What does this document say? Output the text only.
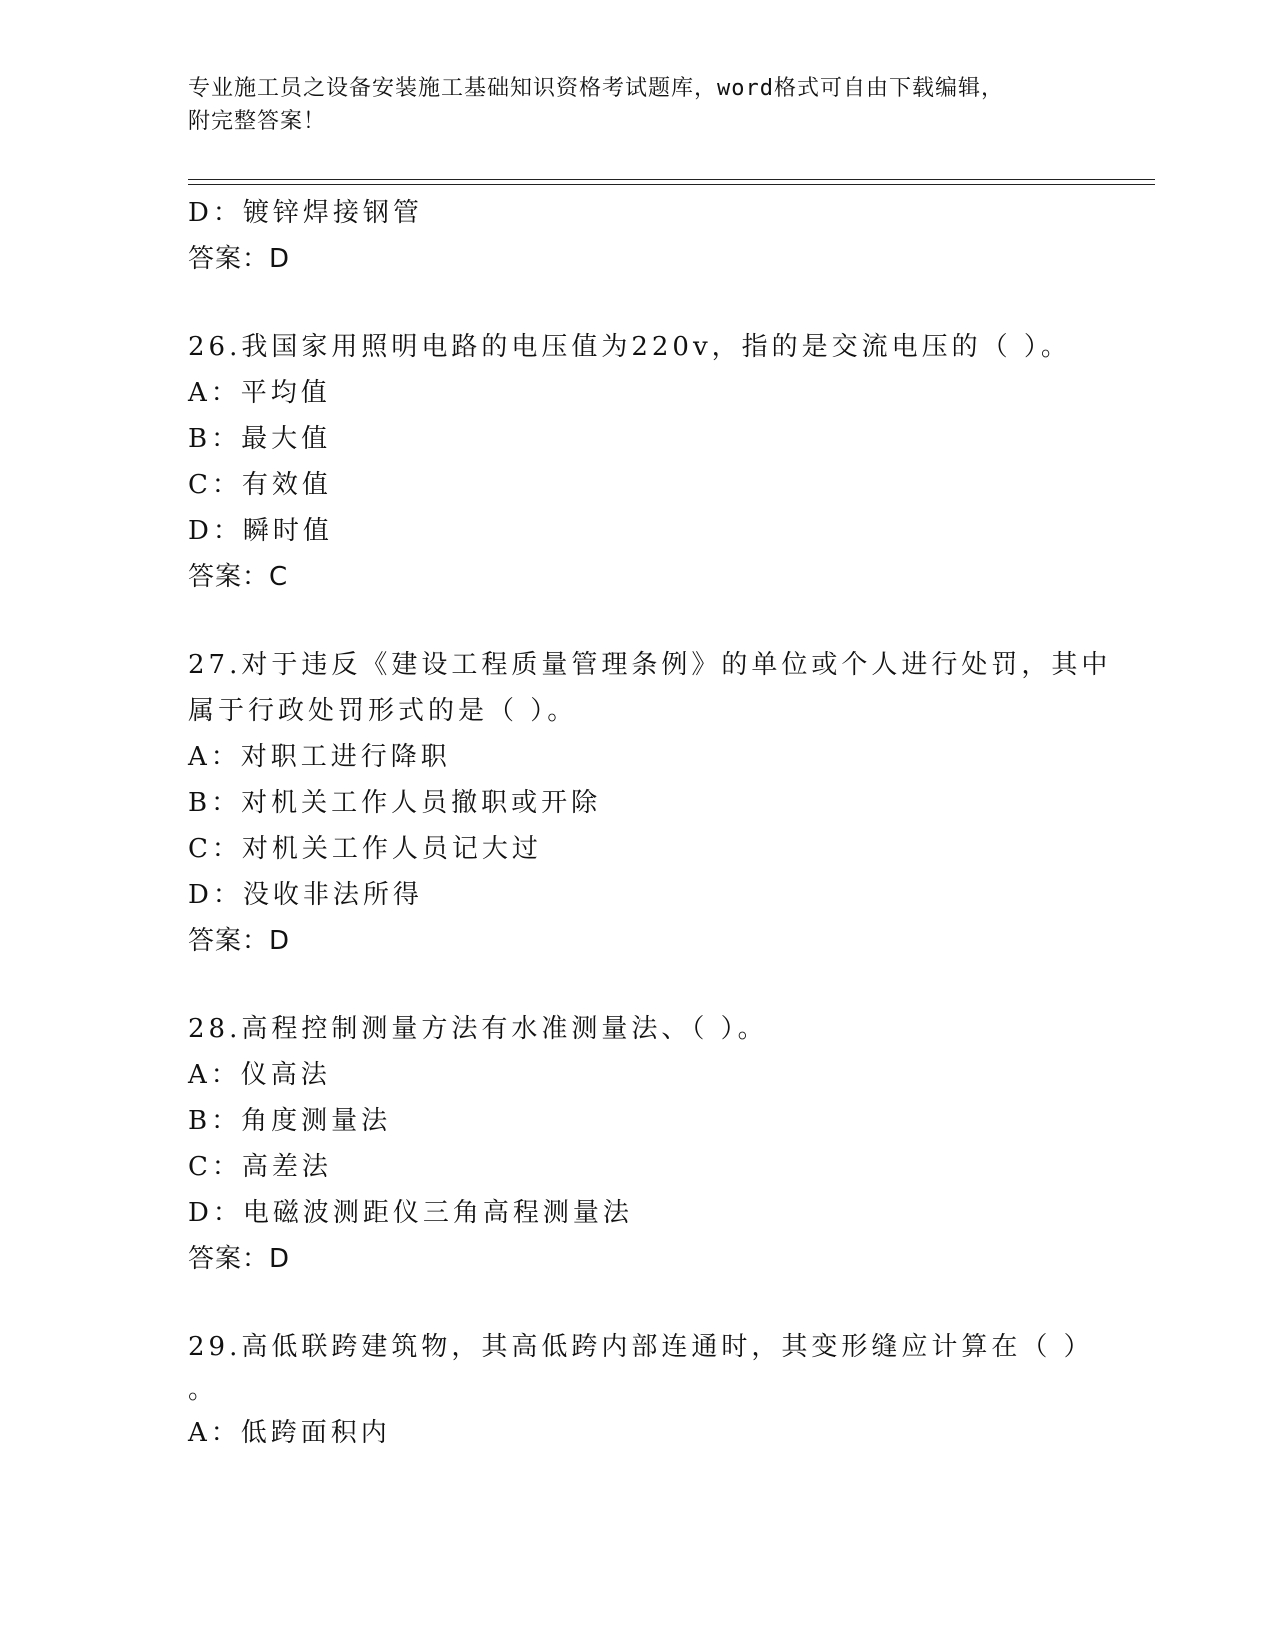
专业施工员之设备安装施工基础知识资格考试题库，word格式可自由下载编辑，
附完整答案！
D：镀锌焊接钢管
答案：D
26.我国家用照明电路的电压值为220v，指的是交流电压的（ ）。
A：平均值
B：最大值
C：有效值
D：瞬时值
答案：C
27.对于违反《建设工程质量管理条例》的单位或个人进行处罚，其中
属于行政处罚形式的是（ ）。
A：对职工进行降职
B：对机关工作人员撤职或开除
C：对机关工作人员记大过
D：没收非法所得
答案：D
28.高程控制测量方法有水准测量法、（ ）。
A：仪高法
B：角度测量法
C：高差法
D：电磁波测距仪三角高程测量法
答案：D
29.高低联跨建筑物，其高低跨内部连通时，其变形缝应计算在（ ）
。
A：低跨面积内
